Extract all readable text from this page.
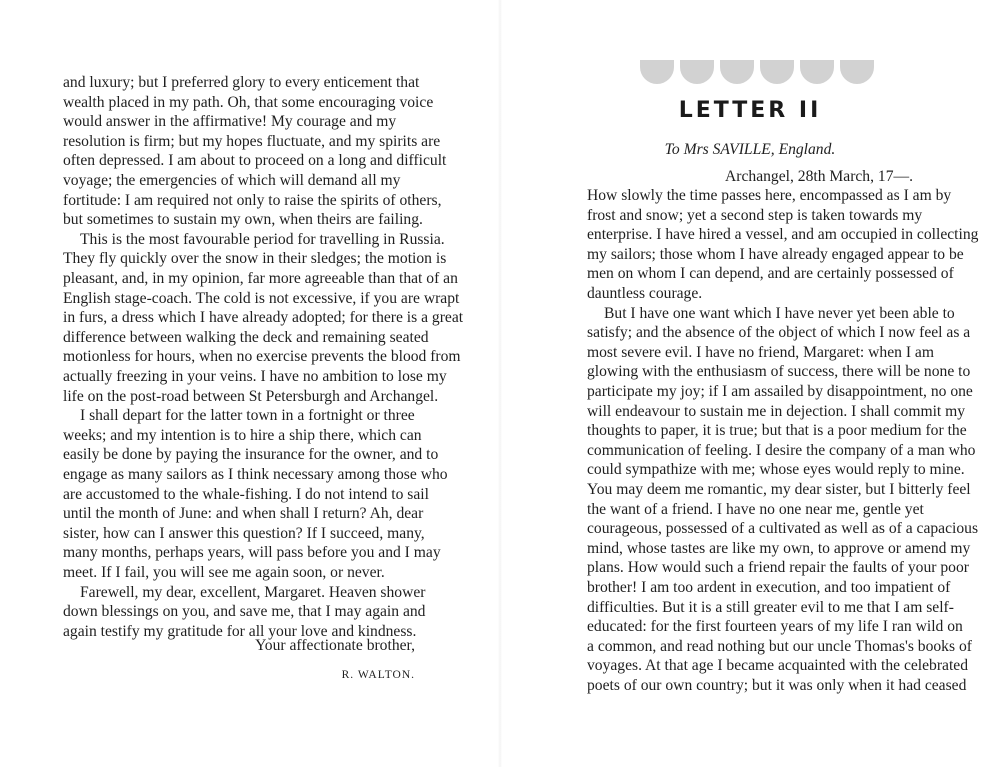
and luxury; but I preferred glory to every enticement that
wealth placed in my path. Oh, that some encouraging voice
would answer in the affirmative! My courage and my
resolution is firm; but my hopes fluctuate, and my spirits are
often depressed. I am about to proceed on a long and difficult
voyage; the emergencies of which will demand all my
fortitude: I am required not only to raise the spirits of others,
but sometimes to sustain my own, when theirs are failing.
This is the most favourable period for travelling in Russia.
They fly quickly over the snow in their sledges; the motion is
pleasant, and, in my opinion, far more agreeable than that of an
English stage-coach. The cold is not excessive, if you are wrapt
in furs, a dress which I have already adopted; for there is a great
difference between walking the deck and remaining seated
motionless for hours, when no exercise prevents the blood from
actually freezing in your veins. I have no ambition to lose my
life on the post-road between St Petersburgh and Archangel.
I shall depart for the latter town in a fortnight or three
weeks; and my intention is to hire a ship there, which can
easily be done by paying the insurance for the owner, and to
engage as many sailors as I think necessary among those who
are accustomed to the whale-fishing. I do not intend to sail
until the month of June: and when shall I return? Ah, dear
sister, how can I answer this question? If I succeed, many,
many months, perhaps years, will pass before you and I may
meet. If I fail, you will see me again soon, or never.
Farewell, my dear, excellent, Margaret. Heaven shower
down blessings on you, and save me, that I may again and
again testify my gratitude for all your love and kindness.
Your affectionate brother,
R. WALTON.
LETTER II
To Mrs SAVILLE, England.
Archangel, 28th March, 17—.
How slowly the time passes here, encompassed as I am by
frost and snow; yet a second step is taken towards my
enterprise. I have hired a vessel, and am occupied in collecting
my sailors; those whom I have already engaged appear to be
men on whom I can depend, and are certainly possessed of
dauntless courage.
But I have one want which I have never yet been able to
satisfy; and the absence of the object of which I now feel as a
most severe evil. I have no friend, Margaret: when I am
glowing with the enthusiasm of success, there will be none to
participate my joy; if I am assailed by disappointment, no one
will endeavour to sustain me in dejection. I shall commit my
thoughts to paper, it is true; but that is a poor medium for the
communication of feeling. I desire the company of a man who
could sympathize with me; whose eyes would reply to mine.
You may deem me romantic, my dear sister, but I bitterly feel
the want of a friend. I have no one near me, gentle yet
courageous, possessed of a cultivated as well as of a capacious
mind, whose tastes are like my own, to approve or amend my
plans. How would such a friend repair the faults of your poor
brother! I am too ardent in execution, and too impatient of
difficulties. But it is a still greater evil to me that I am self-
educated: for the first fourteen years of my life I ran wild on
a common, and read nothing but our uncle Thomas's books of
voyages. At that age I became acquainted with the celebrated
poets of our own country; but it was only when it had ceased
